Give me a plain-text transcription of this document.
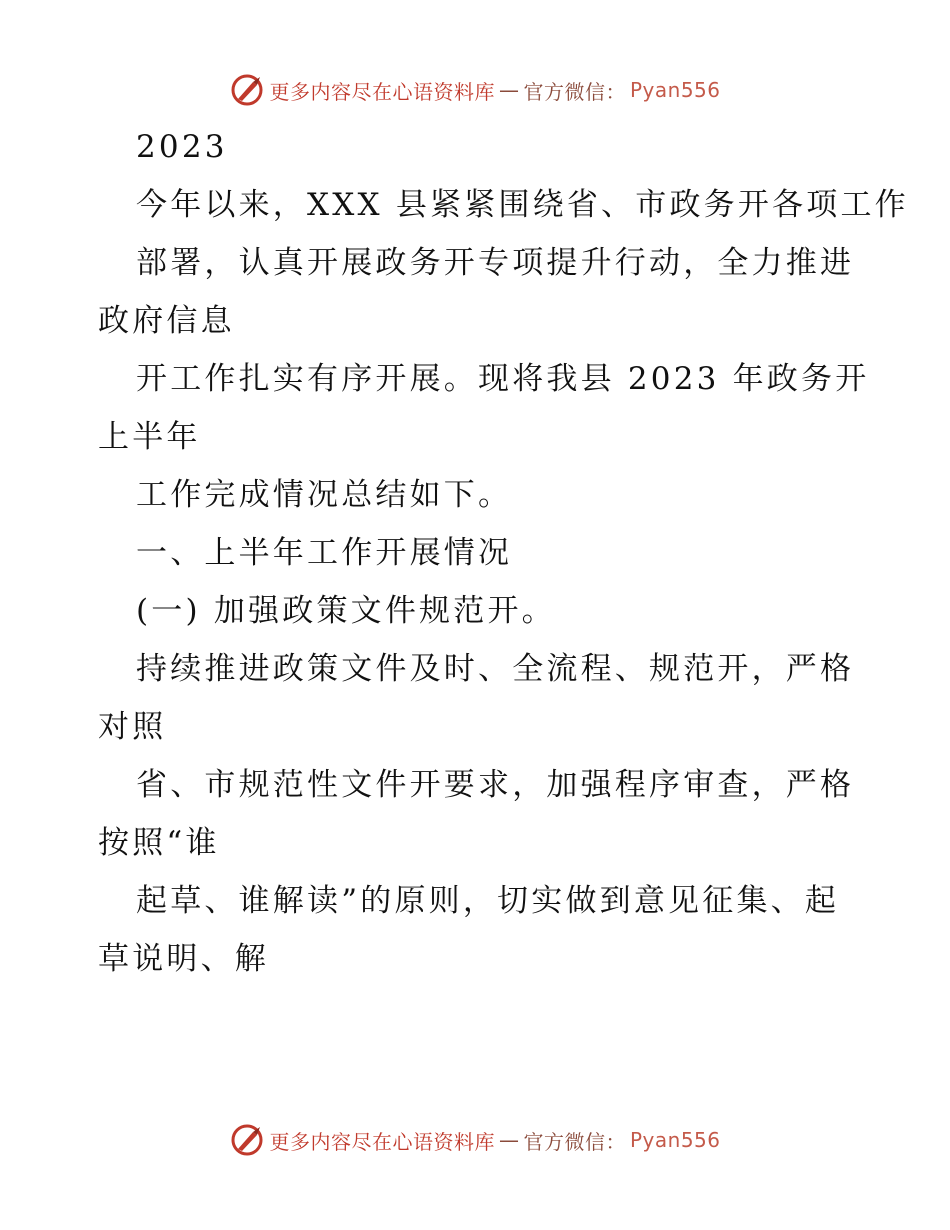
更多内容尽在心语资料库 — 官方微信： Pyan556

2023

今年以来，XXX 县紧紧围绕省、市政务开各项工作

部署，认真开展政务开专项提升行动，全力推进
政府信息

开工作扎实有序开展。现将我县 2023 年政务开
上半年

工作完成情况总结如下。

一、上半年工作开展情况

(一) 加强政策文件规范开。

持续推进政策文件及时、全流程、规范开，严格
对照

省、市规范性文件开要求，加强程序审查，严格
按照“谁

起草、谁解读”的原则，切实做到意见征集、起
草说明、解

更多内容尽在心语资料库 — 官方微信： Pyan556
